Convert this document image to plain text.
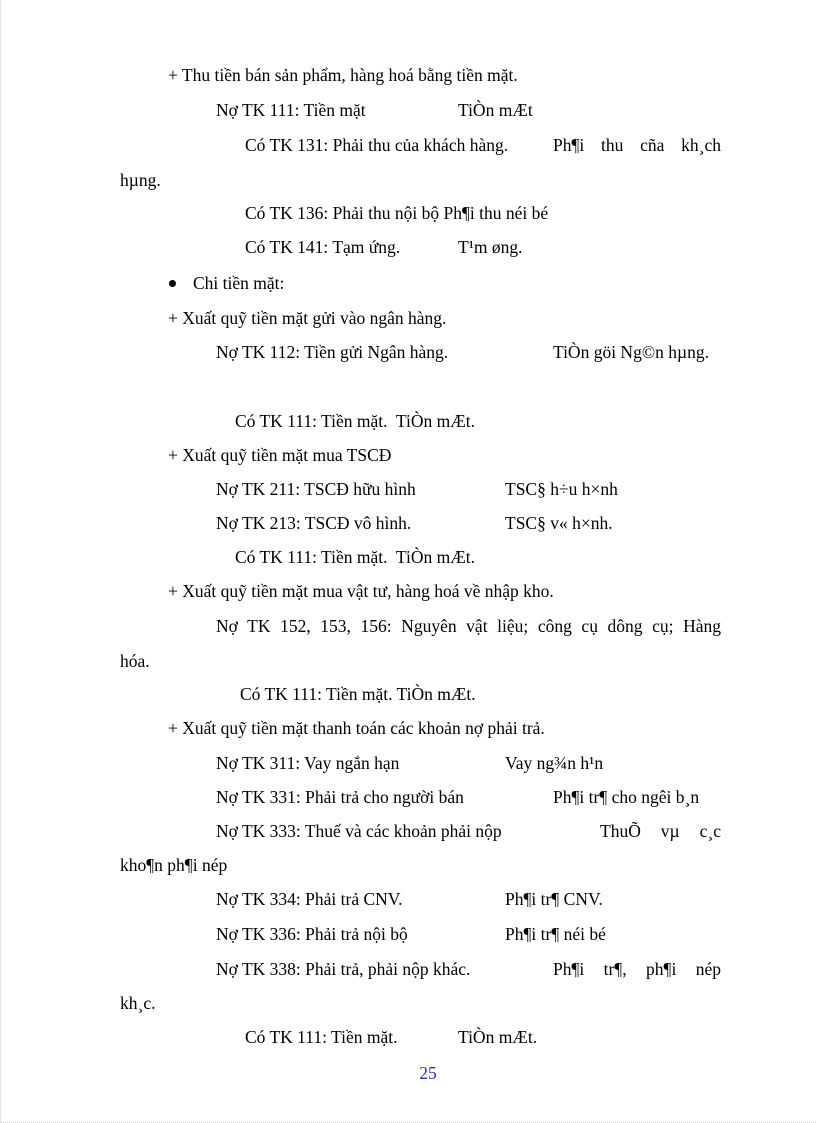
+ Thu tiền bán sản phẩm, hàng hoá bằng tiền mặt.
Nợ TK 111: Tiền mặt	TiÒn mÆt
Có TK 131: Phải thu của khách hàng.	Ph¶i thu cña kh¸ch
hµng.
Có TK 136: Phải thu nội bộ Ph¶i thu néi bé
Có TK 141: Tạm ứng.	T¹m øng.
Chi tiền mặt:
+ Xuất quỹ tiền mặt gửi vào ngân hàng.
Nợ TK 112: Tiền gửi Ngân hàng.	TiÒn göi Ng©n hµng.
Có TK 111: Tiền mặt.  TiÒn mÆt.
+ Xuất quỹ tiền mặt mua TSCĐ
Nợ TK 211: TSCĐ hữu hình	TSC§ h÷u h×nh
Nợ TK 213: TSCĐ vô hình.	TSC§ v« h×nh.
Có TK 111: Tiền mặt.  TiÒn mÆt.
+ Xuất quỹ tiền mặt mua vật tư, hàng hoá về nhập kho.
Nợ TK 152, 153, 156: Nguyên vật liệu; công cụ dông cụ; Hàng
hóa.
Có TK 111: Tiền mặt. TiÒn mÆt.
+ Xuất quỹ tiền mặt thanh toán các khoản nợ phải trả.
Nợ TK 311: Vay ngắn hạn	Vay ng¾n h¹n
Nợ TK 331: Phải trả cho người bán	Ph¶i tr¶ cho ngêi b¸n
Nợ TK 333: Thuế và các khoản phải nộp	ThuÕ vµ c¸c
kho¶n ph¶i nép
Nợ TK 334: Phải trả CNV.	Ph¶i tr¶ CNV.
Nợ TK 336: Phải trả nội bộ	Ph¶i tr¶ néi bé
Nợ TK 338: Phải trả, phải nộp khác.	Ph¶i tr¶, ph¶i nép
kh¸c.
Có TK 111: Tiền mặt.	TiÒn mÆt.
25
